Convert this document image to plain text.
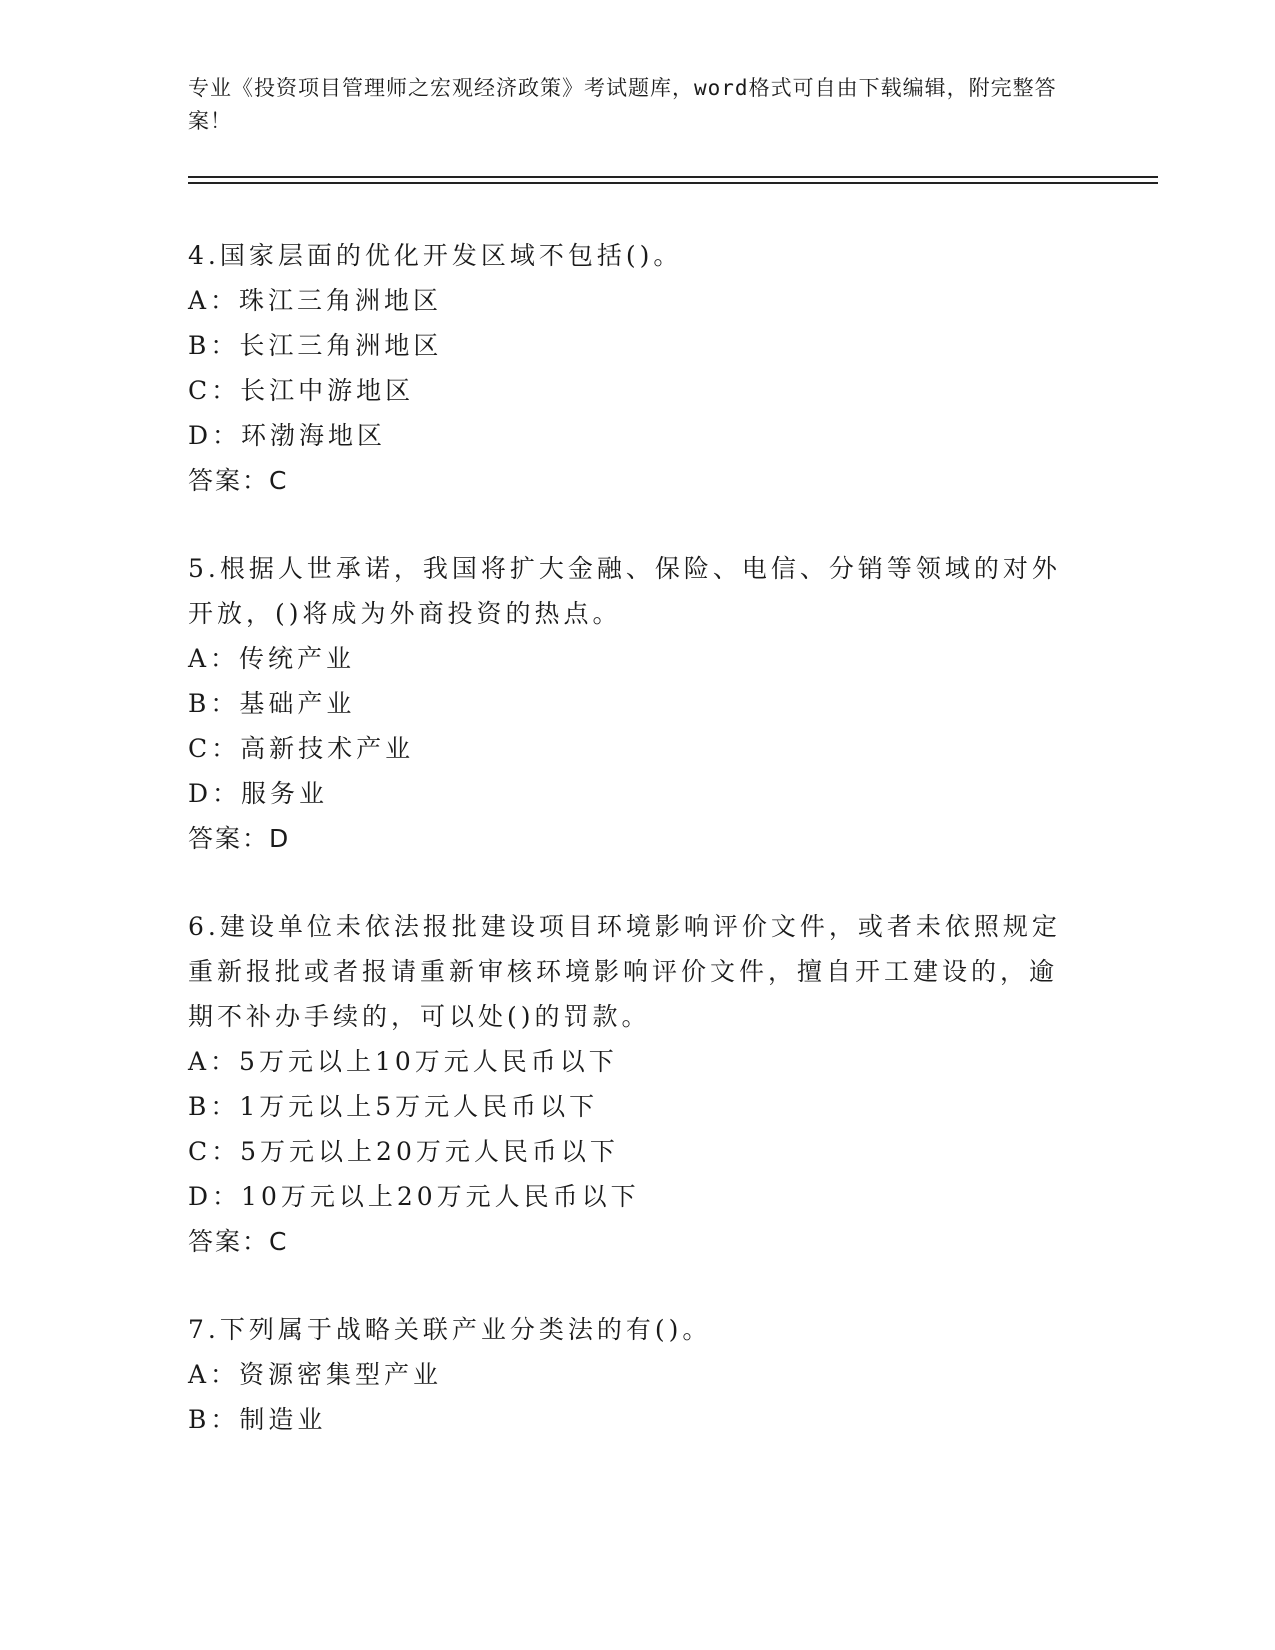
专业《投资项目管理师之宏观经济政策》考试题库，word格式可自由下载编辑，附完整答案！

4.国家层面的优化开发区域不包括()。

A：珠江三角洲地区

B：长江三角洲地区

C：长江中游地区

D：环渤海地区

答案：C

5.根据人世承诺，我国将扩大金融、保险、电信、分销等领域的对外开放，()将成为外商投资的热点。

A：传统产业

B：基础产业

C：高新技术产业

D：服务业

答案：D

6.建设单位未依法报批建设项目环境影响评价文件，或者未依照规定重新报批或者报请重新审核环境影响评价文件，擅自开工建设的，逾期不补办手续的，可以处()的罚款。

A：5万元以上10万元人民币以下

B：1万元以上5万元人民币以下

C：5万元以上20万元人民币以下

D：10万元以上20万元人民币以下

答案：C

7.下列属于战略关联产业分类法的有()。

A：资源密集型产业

B：制造业
